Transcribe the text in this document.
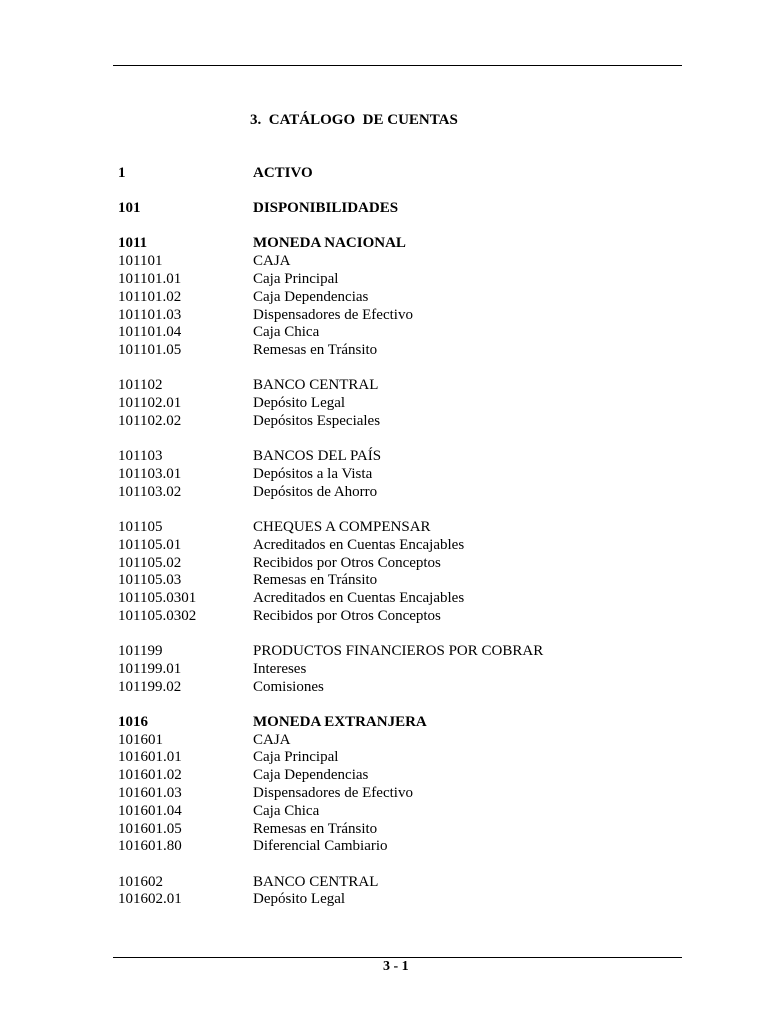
3.  CATÁLOGO  DE CUENTAS
1	ACTIVO
101	DISPONIBILIDADES
1011	MONEDA NACIONAL
101101	CAJA
101101.01	Caja Principal
101101.02	Caja Dependencias
101101.03	Dispensadores de Efectivo
101101.04	Caja Chica
101101.05	Remesas en Tránsito
101102	BANCO CENTRAL
101102.01	Depósito Legal
101102.02	Depósitos Especiales
101103	BANCOS DEL PAÍS
101103.01	Depósitos a la Vista
101103.02	Depósitos de Ahorro
101105	CHEQUES A COMPENSAR
101105.01	Acreditados en Cuentas Encajables
101105.02	Recibidos por Otros Conceptos
101105.03	Remesas en Tránsito
101105.0301	Acreditados en Cuentas Encajables
101105.0302	Recibidos por Otros Conceptos
101199	PRODUCTOS FINANCIEROS POR COBRAR
101199.01	Intereses
101199.02	Comisiones
1016	MONEDA EXTRANJERA
101601	CAJA
101601.01	Caja Principal
101601.02	Caja Dependencias
101601.03	Dispensadores de Efectivo
101601.04	Caja Chica
101601.05	Remesas en Tránsito
101601.80	Diferencial Cambiario
101602	BANCO CENTRAL
101602.01	Depósito Legal
3 - 1
